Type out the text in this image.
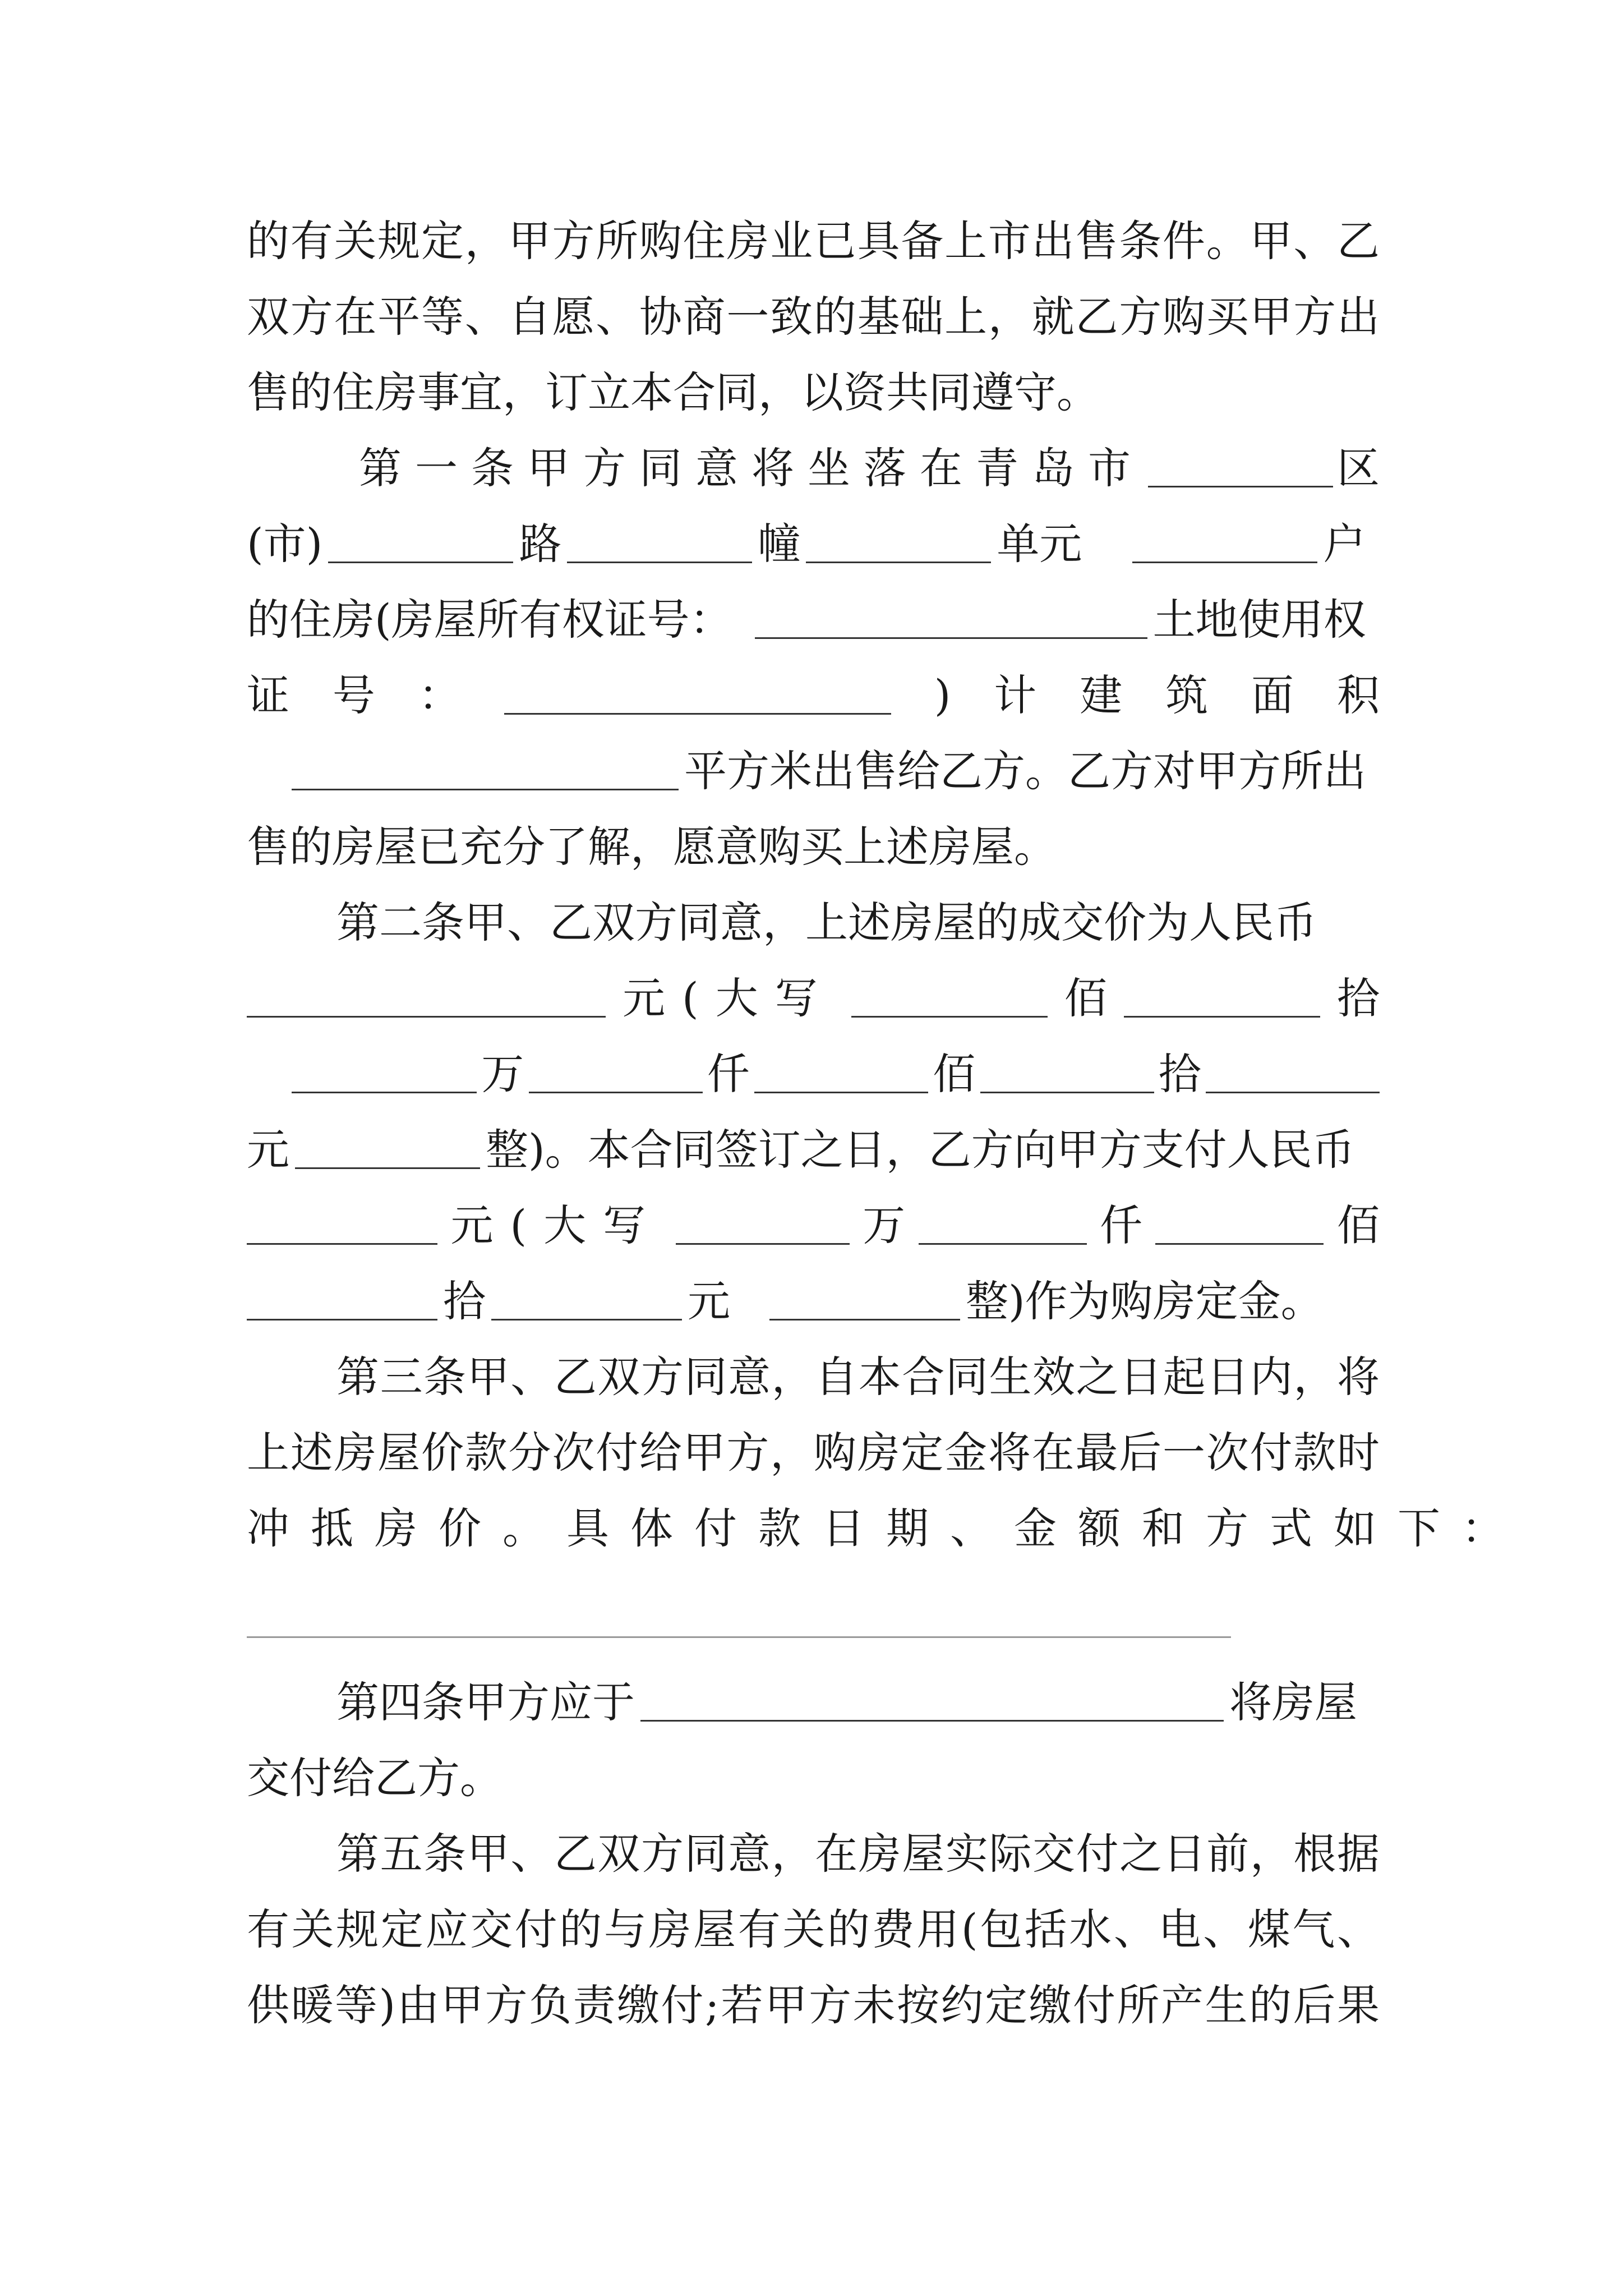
的有关规定，甲方所购住房业已具备上市出售条件。甲、乙
双方在平等、自愿、协商一致的基础上，就乙方购买甲方出
售的住房事宜，订立本合同，以资共同遵守。
第一条甲方同意将坐落在青岛市	区
(市)	路	幢	单元	户
的住房(房屋所有权证号：	土地使用权
证 号 ：	) 计 建 筑 面 积
平方米出售给乙方。乙方对甲方所出
售的房屋已充分了解，愿意购买上述房屋。
第二条甲、乙双方同意，上述房屋的成交价为人民币
元(大写	佰	拾
万	仟	佰	拾
元	整)。本合同签订之日，乙方向甲方支付人民币
元(大写	万	仟	佰
拾	元	整)作为购房定金。
第三条甲、乙双方同意，自本合同生效之日起日内，将
上述房屋价款分次付给甲方，购房定金将在最后一次付款时
冲抵房价。具体付款日期、金额和方式如下：
第四条甲方应于	将房屋
交付给乙方。
第五条甲、乙双方同意，在房屋实际交付之日前，根据
有关规定应交付的与房屋有关的费用(包括水、电、煤气、
供暖等)由甲方负责缴付;若甲方未按约定缴付所产生的后果
